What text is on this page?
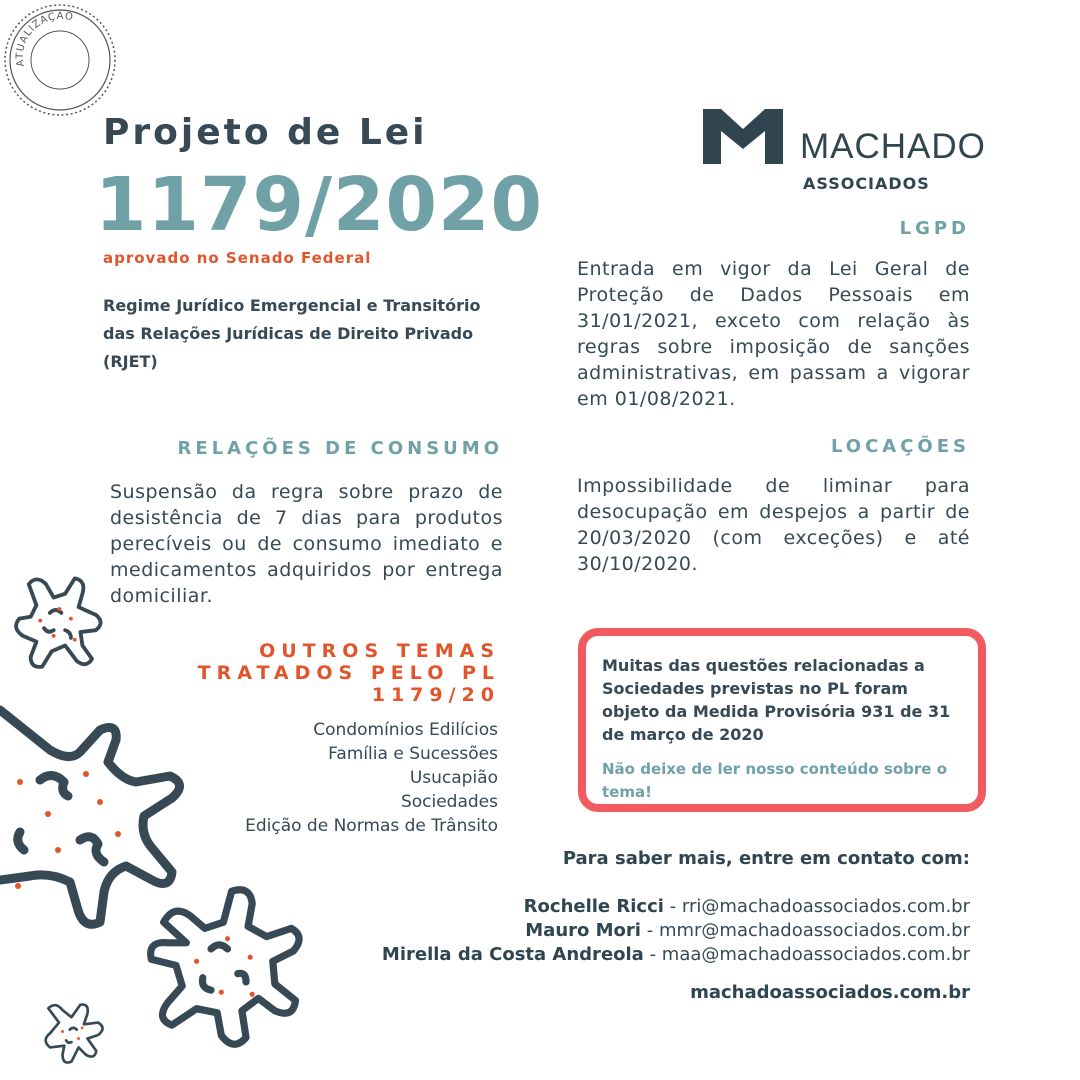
ATUALIZAÇÃO
Projeto de Lei
1179/2020
aprovado no Senado Federal
Regime Jurídico Emergencial e Transitório das Relações Jurídicas de Direito Privado (RJET)
MACHADO
ASSOCIADOS
LGPD
Entrada em vigor da Lei Geral de Proteção de Dados Pessoais em 31/01/2021, exceto com relação às regras sobre imposição de sanções administrativas, em passam a vigorar em 01/08/2021.
RELAÇÕES DE CONSUMO
Suspensão da regra sobre prazo de desistência de 7 dias para produtos perecíveis ou de consumo imediato e medicamentos adquiridos por entrega domiciliar.
LOCAÇÕES
Impossibilidade de liminar para desocupação em despejos a partir de 20/03/2020 (com exceções) e até 30/10/2020.
OUTROS TEMAS
TRATADOS PELO PL
1179/20
Condomínios Edilícios
Família e Sucessões
Usucapião
Sociedades
Edição de Normas de Trânsito

Muitas das questões relacionadas a Sociedades previstas no PL foram objeto da Medida Provisória 931 de 31 de março de 2020

Não deixe de ler nosso conteúdo sobre o tema!

Para saber mais, entre em contato com:
Rochelle Ricci - rri@machadoassociados.com.br
Mauro Mori - mmr@machadoassociados.com.br
Mirella da Costa Andreola - maa@machadoassociados.com.br
machadoassociados.com.br
